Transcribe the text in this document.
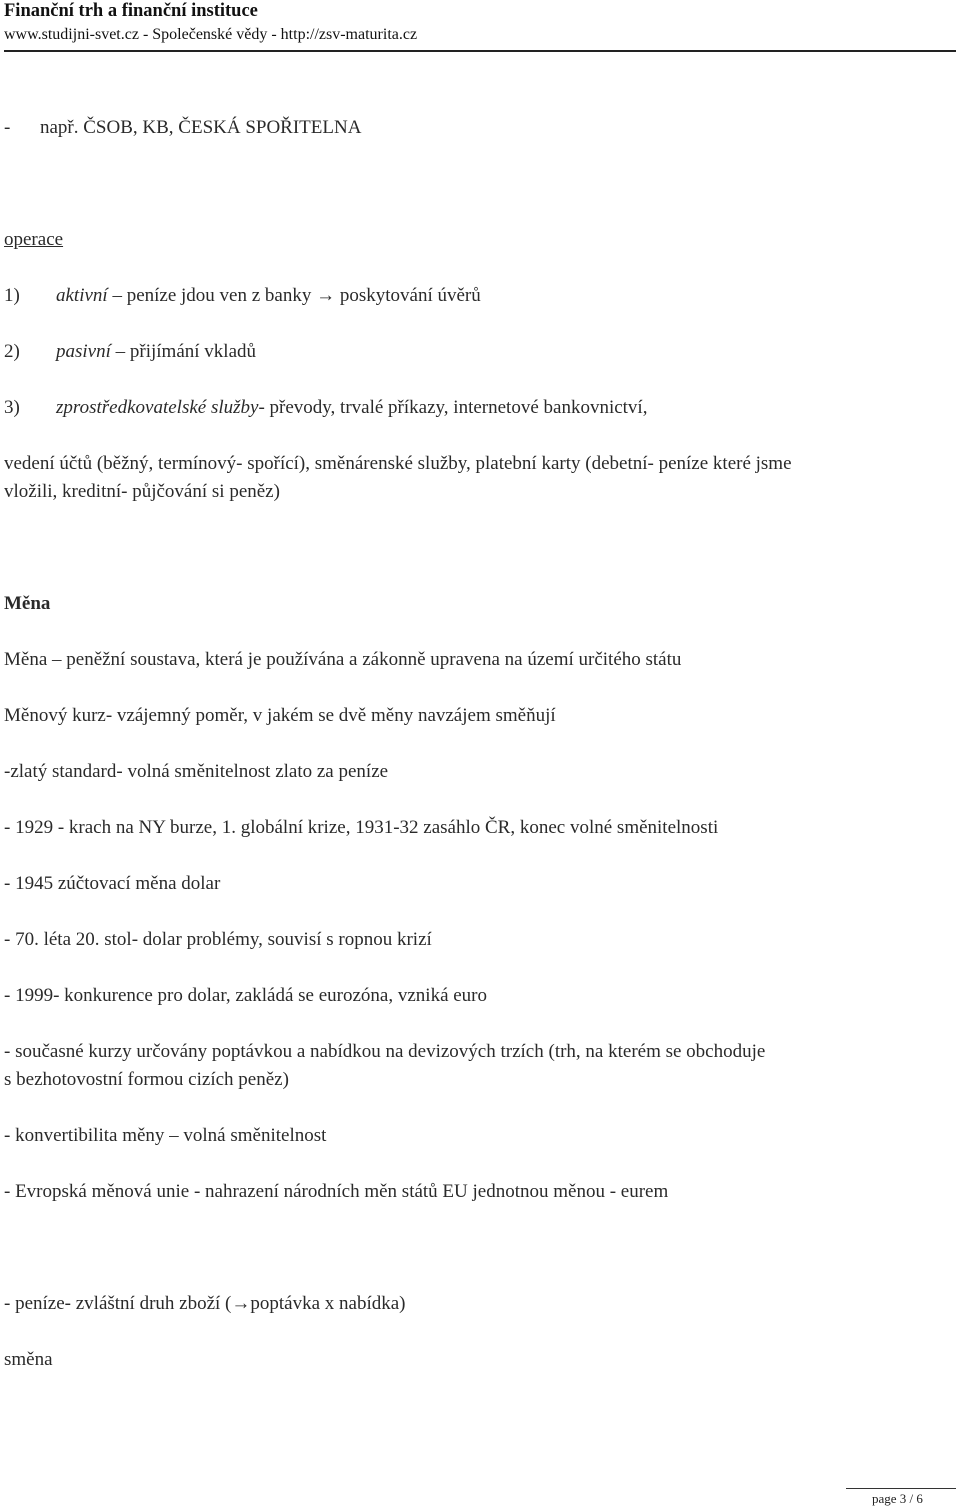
Finanční trh a finanční instituce
www.studijni-svet.cz - Společenské vědy - http://zsv-maturita.cz
- např. ČSOB, KB, ČESKÁ SPOŘITELNA
operace
1) aktivní – peníze jdou ven z banky → poskytování úvěrů
2) pasivní – přijímání vkladů
3) zprostředkovatelské služby- převody, trvalé příkazy, internetové bankovnictví,
vedení účtů (běžný, termínový- spořící), směnárenské služby, platební karty (debetní- peníze které jsme
vložili, kreditní- půjčování si peněz)
Měna
Měna – peněžní soustava, která je používána a zákonně upravena na území určitého státu
Měnový kurz- vzájemný poměr, v jakém se dvě měny navzájem směňují
-zlatý standard- volná směnitelnost zlato za peníze
- 1929 - krach na NY burze, 1. globální krize, 1931-32 zasáhlo ČR, konec volné směnitelnosti
- 1945 zúčtovací měna dolar
- 70. léta 20. stol- dolar problémy, souvisí s ropnou krizí
- 1999- konkurence pro dolar, zakládá se eurozóna, vzniká euro
- současné kurzy určovány poptávkou a nabídkou na devizových trzích (trh, na kterém se obchoduje
s bezhotovostní formou cizích peněz)
- konvertibilita měny – volná směnitelnost
- Evropská měnová unie - nahrazení národních měn států EU jednotnou měnou - eurem
- peníze- zvláštní druh zboží (→poptávka x nabídka)
směna
page 3 / 6
